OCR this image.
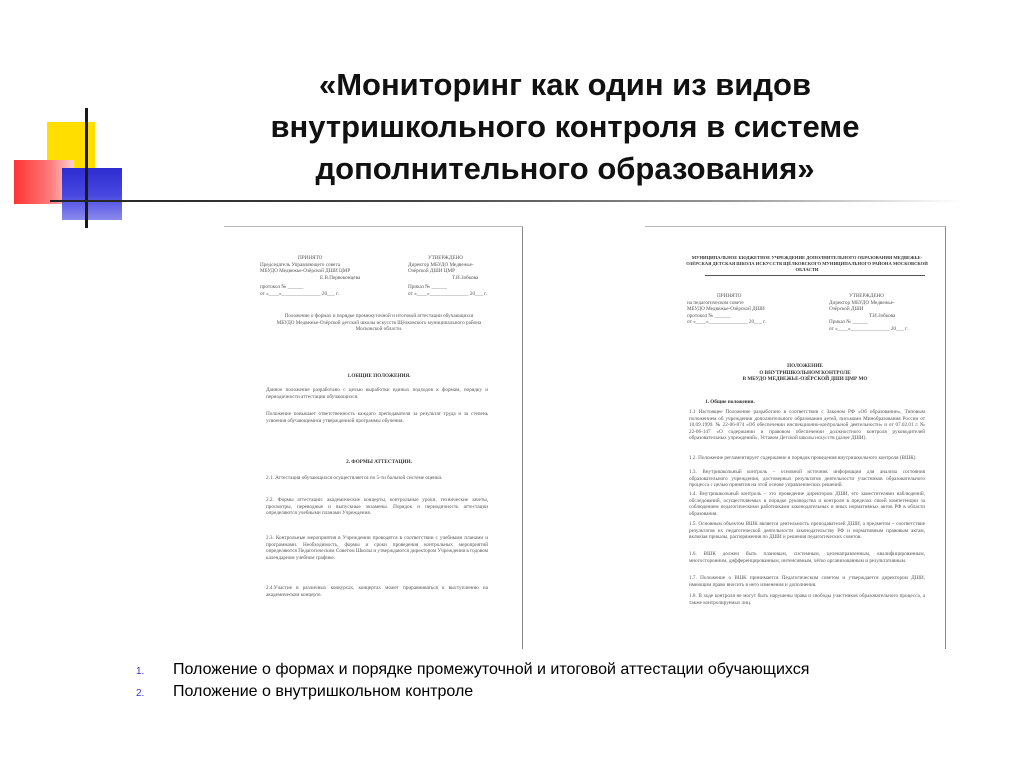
«Мониторинг как один из видов внутришкольного контроля в системе дополнительного образования»

ПРИНЯТО

Председатель Управляющего совета

МБУДО Медвежье-Озёрской ДШИ ЦМР

Е.В.Первоконцева

протокол № ______

от «____»_______________ 20___ г.

УТВЕРЖДЕНО

Директор МБУДО Медвежье-

Озёрской ДШИ ЦМР

Т.И.Зобкова

Приказ № ______

от «____»_______________ 20___ г.

Положение о формах и порядке промежуточной и итоговой аттестации обучающихся МБУДО Медвежье-Озёрской детской школы искусств Щёлковского муниципального района Московской области.
1.ОБЩИЕ ПОЛОЖЕНИЯ.
Данное положение разработано с целью выработки единых подходов к формам, порядку и периодичности аттестации обучающихся.
Положение повышает ответственность каждого преподавателя за результат труда и за степень усвоения обучающимися утвержденной программы обучения.
2. ФОРМЫ АТТЕСТАЦИИ.
2.1. Аттестация обучающихся осуществляется по 5-ти бальной системе оценки.
2.2. Формы аттестации: академические концерты, контрольные уроки, технические зачеты, просмотры, переводные и выпускные экзамены. Порядок и периодичность аттестации определяются учебными планами Учреждения.
2.3. Контрольные мероприятия в Учреждении проводятся в соответствии с учебными планами и программами. Необходимость, формы и сроки проведения контрольных мероприятий определяются Педагогическим Советом Школы и утверждаются директором Учреждения в годовом календарном учебном графике.
2.4.Участие в различных конкурсах, концертах может приравниваться к выступлению на академическом концерте.
МУНИЦИПАЛЬНОЕ БЮДЖЕТНОЕ УЧРЕЖДЕНИЕ ДОПОЛНИТЕЛЬНОГО ОБРАЗОВАНИЯ МЕДВЕЖЬЕ-ОЗЁРСКАЯ ДЕТСКАЯ ШКОЛА ИСКУССТВ ЩЁЛКОВСКОГО МУНИЦИПАЛЬНОГО РАЙОНА МОСКОВСКОЙ ОБЛАСТИ

ПРИНЯТО

на педагогическом совете

МБУДО Медвежье-Озёрской ДШИ

протокол № ______

от «____»_______________ 20___ г.

УТВЕРЖДЕНО

Директор МБУДО Медвежье-

Озёрской ДШИ

Т.И.Зобкова

Приказ № ______

от «____»_______________ 20___ г.

ПОЛОЖЕНИЕ

О ВНУТРИШКОЛЬНОМ КОНТРОЛЕ

В МБУДО МЕДВЕЖЬЕ-ОЗЁРСКОЙ ДШИ ЦМР МО

1. Общие положения.
1.1 Настоящее Положение разработано в соответствии с Законом РФ «Об образовании», Типовым положением об учреждении дополнительного образования детей, письмами Минобразования России от 10.09.1999. № 22-06-874 «Об обеспечении инспекционно-контрольной деятельности» и от 07.02.01 г. № 22-06-147 «О содержании и правовом обеспечении должностного контроля руководителей образовательных учреждений», Уставом Детской школы искусств (далее ДШИ).
1.2. Положение регламентирует содержание и порядок проведения внутришкольного контроля (ВШК).
1.3. Внутришкольный контроль – основной источник информации для анализа состояния образовательного учреждения, достоверных результатов деятельности участников образовательного процесса с целью принятия на этой основе управленческих решений.
1.4. Внутришкольный контроль – это проведение директором ДШИ, его заместителями наблюдений, обследований, осуществляемых в порядке руководства и контроля в пределах своей компетенции за соблюдением педагогическими работниками законодательных и иных нормативных актов РФ в области образования.
1.5. Основным объектом ВШК является деятельность преподавателей ДШИ, а предметом – соответствие результатов их педагогической деятельности законодательству РФ и нормативным правовым актам, включая приказы, распоряжения по ДШИ и решения педагогических советов.
1.6. ВШК должен быть плановым, системным, целенаправленным, квалифицированным, многосторонним, дифференцированным, интенсивным, чётко организованным и результативным.
1.7. Положение о ВШК принимается Педагогическим советом и утверждается директором ДШИ, имеющим право вносить в него изменения и дополнения.
1.8. В ходе контроля не могут быть нарушены права и свободы участников образовательного процесса, а также контролируемых лиц.
1. Положение о формах и порядке промежуточной и итоговой аттестации обучающихся
2. Положение о внутришкольном контроле
